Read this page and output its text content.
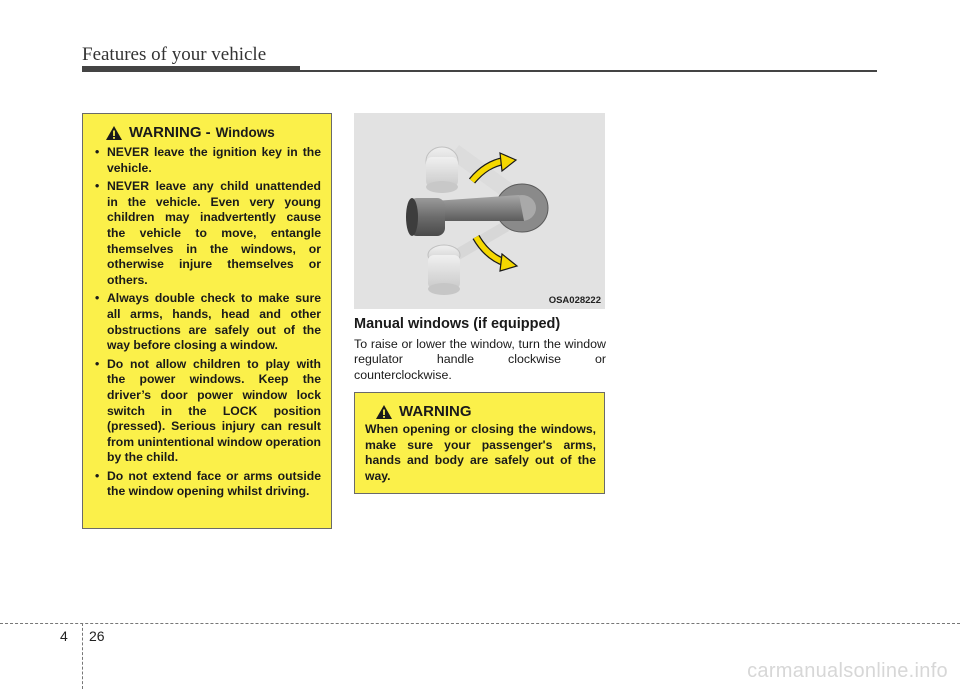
Features of your vehicle
WARNING - Windows
• NEVER leave the ignition key in the vehicle.
• NEVER leave any child unattended in the vehicle. Even very young children may inadvertently cause the vehicle to move, entangle themselves in the windows, or otherwise injure themselves or others.
• Always double check to make sure all arms, hands, head and other obstructions are safely out of the way before closing a window.
• Do not allow children to play with the power windows. Keep the driver’s door power window lock switch in the LOCK position (pressed). Serious injury can result from unintentional window operation by the child.
• Do not extend face or arms outside the window opening whilst driving.
OSA028222
Manual windows (if equipped)
To raise or lower the window, turn the window regulator handle clockwise or counterclockwise.
WARNING
When opening or closing the windows, make sure your passenger's arms, hands and body are safely out of the way.
4 26
carmanualsonline.info
